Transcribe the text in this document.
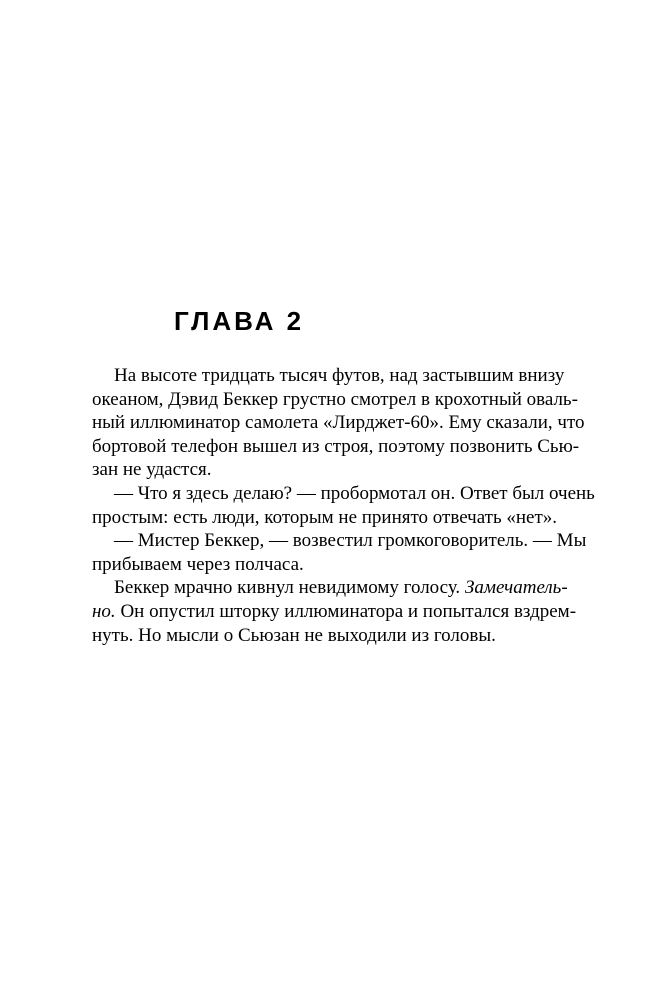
ГЛАВА 2

На высоте тридцать тысяч футов, над застывшим внизу
океаном, Дэвид Беккер грустно смотрел в крохотный оваль-
ный иллюминатор самолета «Лирджет-60». Ему сказали, что
бортовой телефон вышел из строя, поэтому позвонить Сью-
зан не удастся.

— Что я здесь делаю? — пробормотал он. Ответ был очень
простым: есть люди, которым не принято отвечать «нет».

— Мистер Беккер, — возвестил громкоговоритель. — Мы
прибываем через полчаса.

Беккер мрачно кивнул невидимому голосу. Замечатель-
но. Он опустил шторку иллюминатора и попытался вздрем-
нуть. Но мысли о Сьюзан не выходили из головы.
